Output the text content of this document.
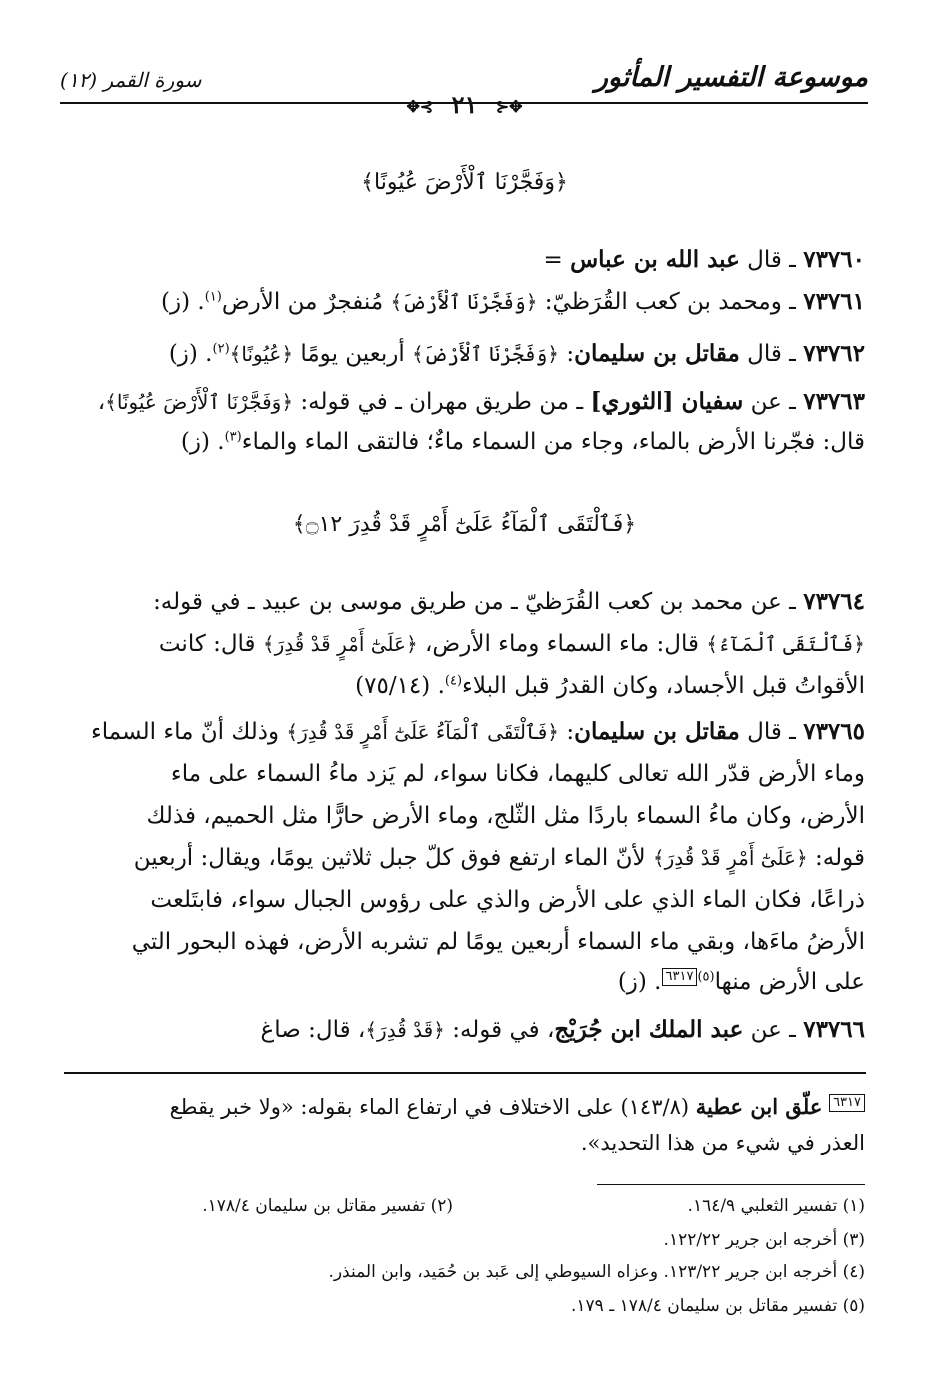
موسوعة التفسير المأثور
سورة القمر (١٢)
✥⊰ ٢١ ⊱✥
﴿وَفَجَّرْنَا ٱلْأَرْضَ عُيُونًا﴾
٧٣٧٦٠ ـ قال عبد الله بن عباس =
٧٣٧٦١ ـ ومحمد بن كعب القُرَظيّ: ﴿وَفَجَّرْنَا ٱلْأَرْضَ﴾ مُنفجرٌ من الأرض$^{(١)}$. (ز)
٧٣٧٦٢ ـ قال مقاتل بن سليمان: ﴿وَفَجَّرْنَا ٱلْأَرْضَ﴾ أربعين يومًا ﴿عُيُونًا﴾$^{(٢)}$. (ز)
٧٣٧٦٣ ـ عن سفيان [الثوري] ـ من طريق مهران ـ في قوله: ﴿وَفَجَّرْنَا ٱلْأَرْضَ عُيُونًا﴾،
قال: فجّرنا الأرض بالماء، وجاء من السماء ماءٌ؛ فالتقى الماء والماء$^{(٣)}$. (ز)
﴿فَٱلْتَقَى ٱلْمَآءُ عَلَىٰٓ أَمْرٍ قَدْ قُدِرَ ۝١٢﴾
٧٣٧٦٤ ـ عن محمد بن كعب القُرَظيّ ـ من طريق موسى بن عبيد ـ في قوله:
﴿فَٱلْتَقَى ٱلْمَآءُ﴾ قال: ماء السماء وماء الأرض، ﴿عَلَىٰٓ أَمْرٍ قَدْ قُدِرَ﴾ قال: كانت
الأقواتُ قبل الأجساد، وكان القدرُ قبل البلاء$^{(٤)}$. (٧٥/١٤)
٧٣٧٦٥ ـ قال مقاتل بن سليمان: ﴿فَٱلْتَقَى ٱلْمَآءُ عَلَىٰٓ أَمْرٍ قَدْ قُدِرَ﴾ وذلك أنّ ماء السماء
وماء الأرض قدّر الله تعالى كليهما، فكانا سواء، لم يَزد ماءُ السماء على ماء
الأرض، وكان ماءُ السماء باردًا مثل الثّلج، وماء الأرض حارًّا مثل الحميم، فذلك
قوله: ﴿عَلَىٰٓ أَمْرٍ قَدْ قُدِرَ﴾ لأنّ الماء ارتفع فوق كلّ جبل ثلاثين يومًا، ويقال: أربعين
ذراعًا، فكان الماء الذي على الأرض والذي على رؤوس الجبال سواء، فابتَلعت
الأرضُ ماءَها، وبقي ماء السماء أربعين يومًا لم تشربه الأرض، فهذه البحور التي
على الأرض منها$^{(٥)}$٦٣١٧. (ز)
٧٣٧٦٦ ـ عن عبد الملك ابن جُرَيْج، في قوله: ﴿قَدْ قُدِرَ﴾، قال: صاغ
٦٣١٧ علّق ابن عطية (١٤٣/٨) على الاختلاف في ارتفاع الماء بقوله: «ولا خبر يقطع
العذر في شيء من هذا التحديد».
(١) تفسير الثعلبي ١٦٤/٩.
(٢) تفسير مقاتل بن سليمان ١٧٨/٤.
(٣) أخرجه ابن جرير ١٢٢/٢٢.
(٤) أخرجه ابن جرير ١٢٣/٢٢. وعزاه السيوطي إلى عَبد بن حُمَيد، وابن المنذر.
(٥) تفسير مقاتل بن سليمان ١٧٨/٤ ـ ١٧٩.
